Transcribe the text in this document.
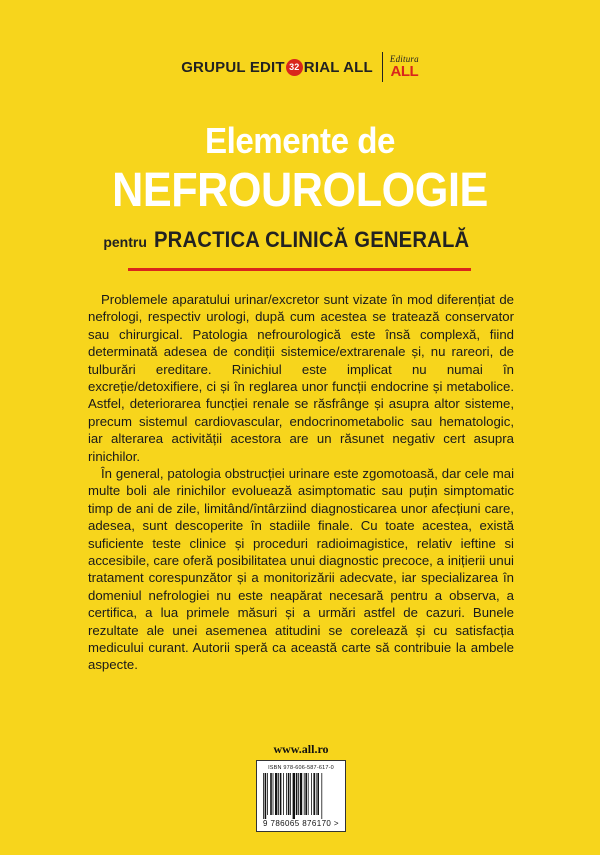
GRUPUL EDIT 32 RIAL ALL Editura
ALL
Elemente de
NEFROUROLOGIE
pentru PRACTICA CLINICĂ GENERALĂ

Problemele aparatului urinar/excretor sunt vizate în mod diferențiat de nefrologi, respectiv urologi, după cum acestea se tratează conservator sau chirurgical. Patologia nefrourologică este însă complexă, fiind determinată adesea de condiții sistemice/extrarenale și, nu rareori, de tulburări ereditare. Rinichiul este implicat nu numai în excreție/detoxifiere, ci și în reglarea unor funcții endocrine și metabolice. Astfel, deteriorarea funcției renale se răsfrânge și asupra altor sisteme, precum sistemul cardiovascular, endocrinometabolic sau hematologic, iar alterarea activității acestora are un răsunet negativ cert asupra rinichilor.

În general, patologia obstrucției urinare este zgomotoasă, dar cele mai multe boli ale rinichilor evoluează asimptomatic sau puțin simptomatic timp de ani de zile, limitând/întârziind diagnosticarea unor afecțiuni care, adesea, sunt descoperite în stadiile finale. Cu toate acestea, există suficiente teste clinice și proceduri radioimagistice, relativ ieftine si accesibile, care oferă posibilitatea unui diagnostic precoce, a inițierii unui tratament corespunzător și a monitorizării adecvate, iar specializarea în domeniul nefrologiei nu este neapărat necesară pentru a observa, a certifica, a lua primele măsuri și a urmări astfel de cazuri. Bunele rezultate ale unei asemenea atitudini se corelează și cu satisfacția medicului curant. Autorii speră ca această carte să contribuie la ambele aspecte.

www.all.ro
ISBN 978-606-587-617-0
9 786065 876170 >
